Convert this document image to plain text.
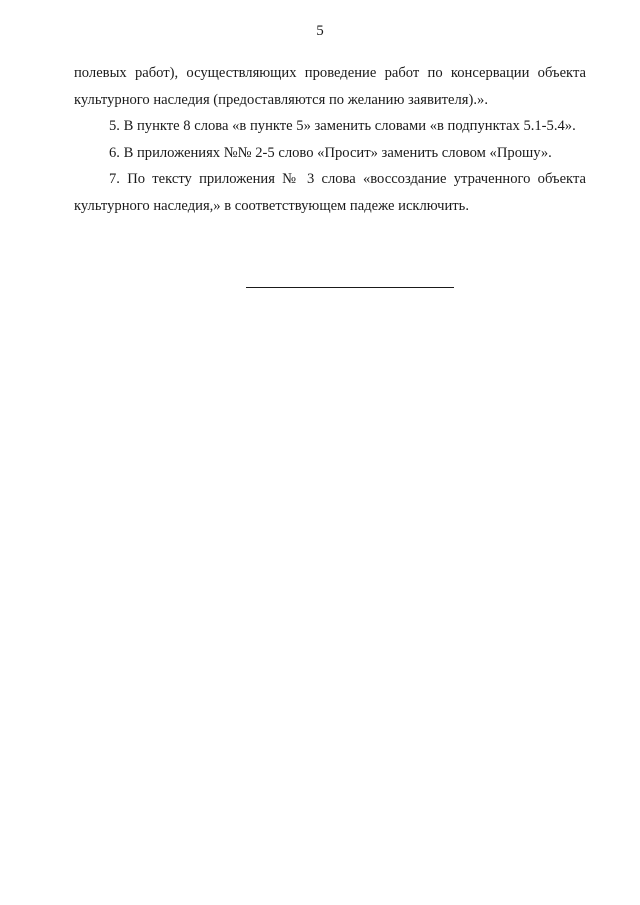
5

полевых работ), осуществляющих проведение работ по консервации объекта
культурного наследия (предоставляются по желанию заявителя).».

5. В пункте 8 слова «в пункте 5» заменить словами «в подпунктах 5.1-5.4».

6. В приложениях №№ 2-5 слово «Просит» заменить словом «Прошу».

7. По тексту приложения № 3 слова «воссоздание утраченного объекта
культурного наследия,» в соответствующем падеже исключить.
